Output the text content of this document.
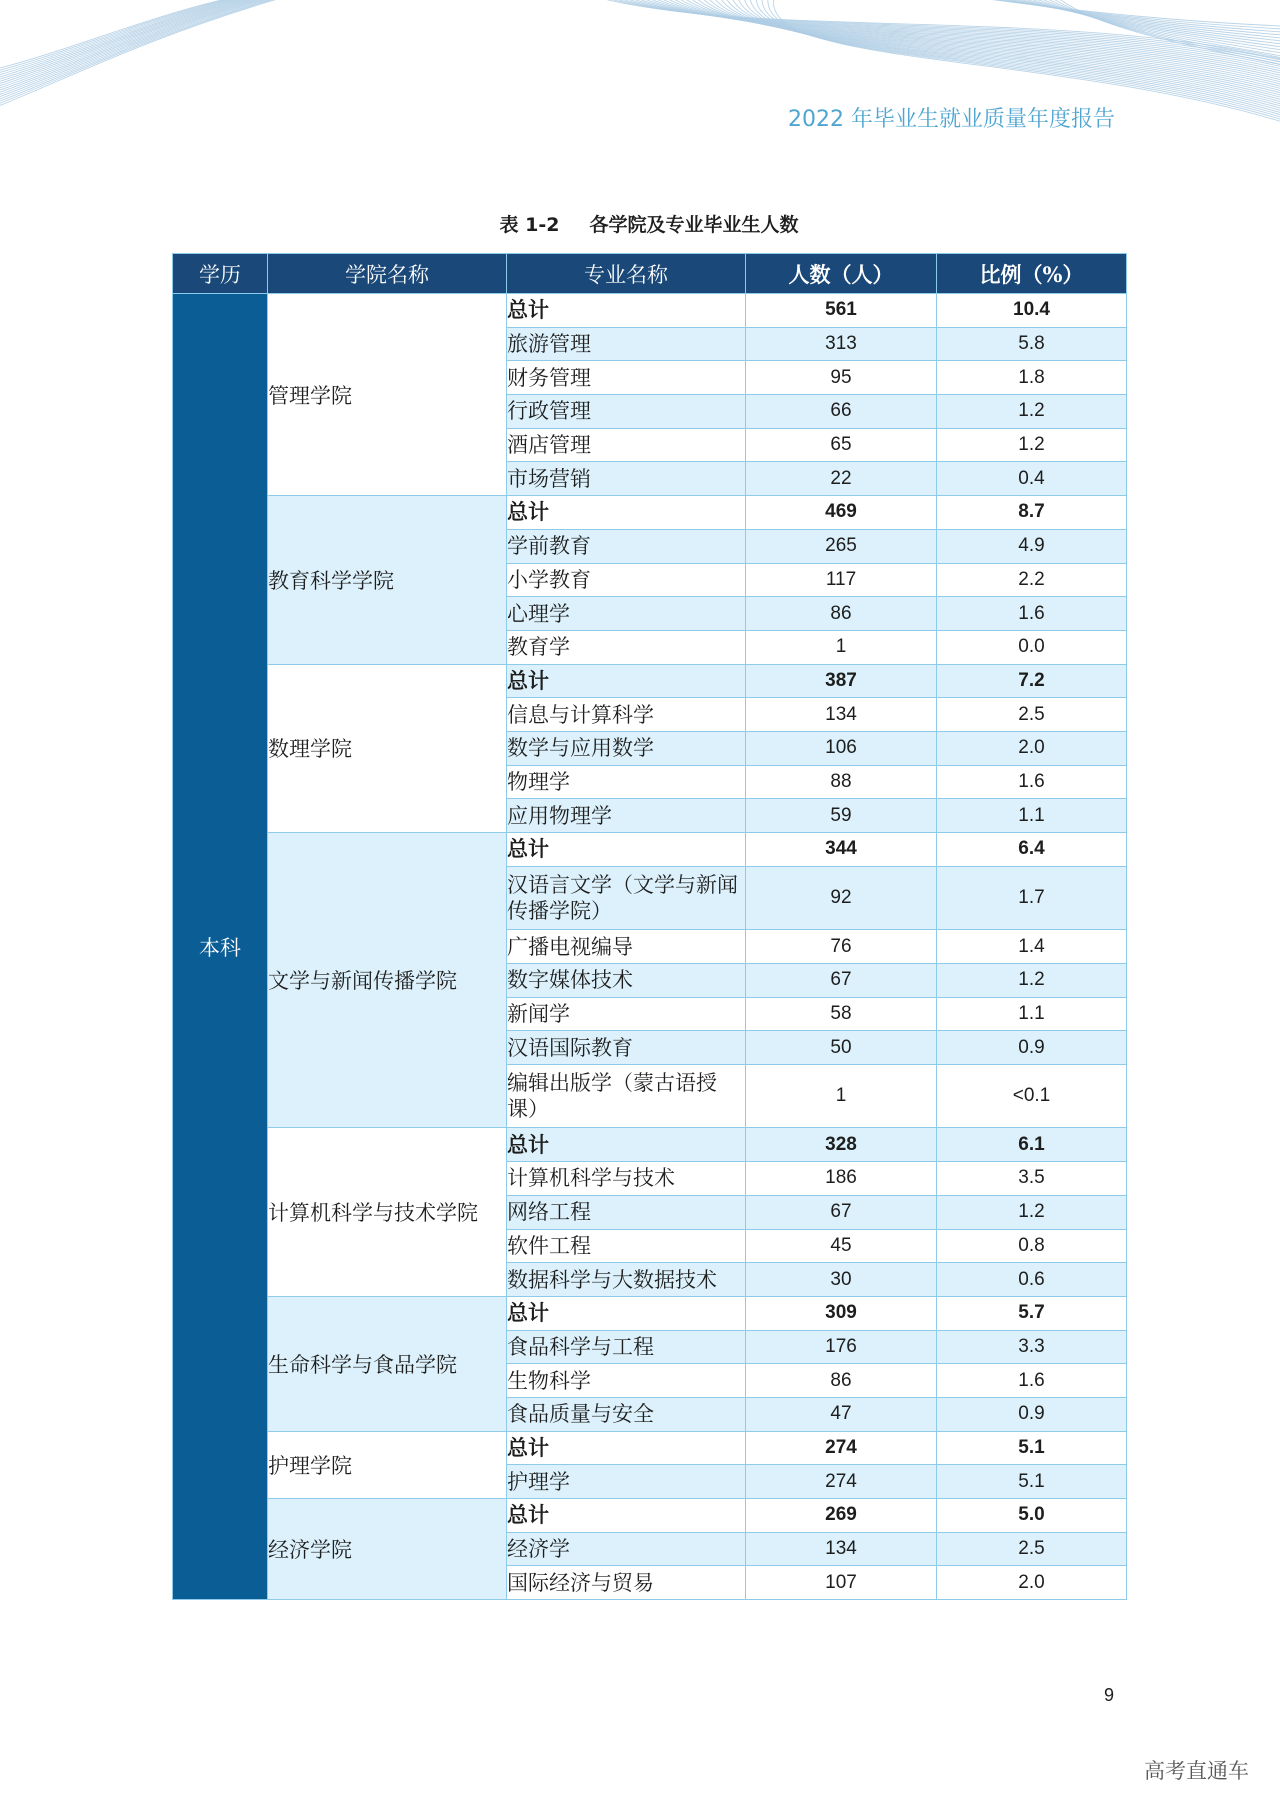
2022 年毕业生就业质量年度报告
表 1-2 各学院及专业毕业生人数
学历	学院名称	专业名称	人数（人）	比例（%）
本科	管理学院	总计	561	10.4
		旅游管理	313	5.8
		财务管理	95	1.8
		行政管理	66	1.2
		酒店管理	65	1.2
		市场营销	22	0.4
	教育科学学院	总计	469	8.7
		学前教育	265	4.9
		小学教育	117	2.2
		心理学	86	1.6
		教育学	1	0.0
	数理学院	总计	387	7.2
		信息与计算科学	134	2.5
		数学与应用数学	106	2.0
		物理学	88	1.6
		应用物理学	59	1.1
	文学与新闻传播学院	总计	344	6.4
		汉语言文学（文学与新闻传播学院）	92	1.7
		广播电视编导	76	1.4
		数字媒体技术	67	1.2
		新闻学	58	1.1
		汉语国际教育	50	0.9
		编辑出版学（蒙古语授课）	1	<0.1
	计算机科学与技术学院	总计	328	6.1
		计算机科学与技术	186	3.5
		网络工程	67	1.2
		软件工程	45	0.8
		数据科学与大数据技术	30	0.6
	生命科学与食品学院	总计	309	5.7
		食品科学与工程	176	3.3
		生物科学	86	1.6
		食品质量与安全	47	0.9
	护理学院	总计	274	5.1
		护理学	274	5.1
	经济学院	总计	269	5.0
		经济学	134	2.5
		国际经济与贸易	107	2.0
9
高考直通车
